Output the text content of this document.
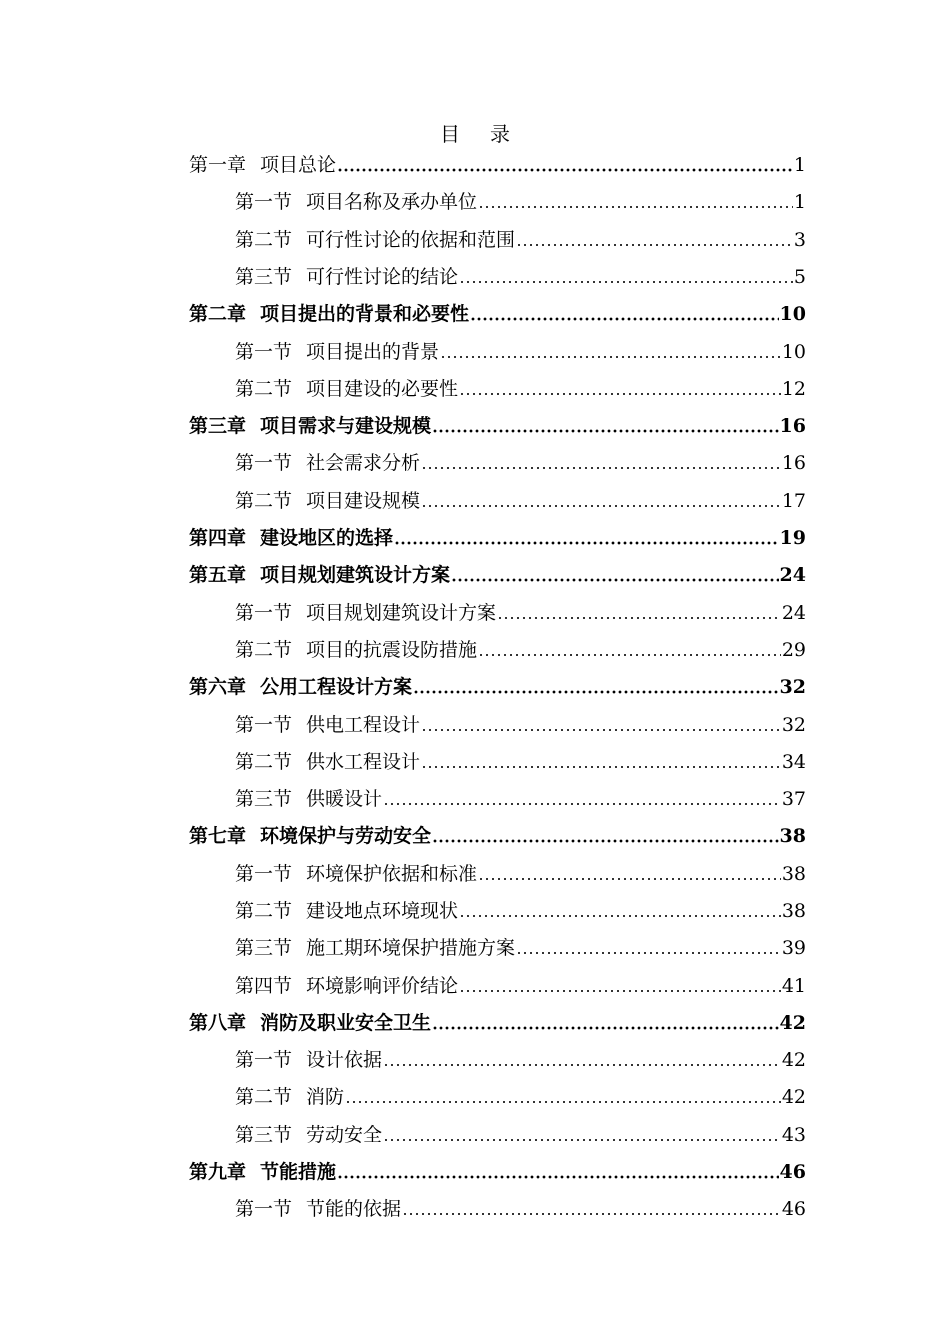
目 录
第一章 项目总论	1
第一节 项目名称及承办单位	1
第二节 可行性讨论的依据和范围	3
第三节 可行性讨论的结论	5
第二章 项目提出的背景和必要性	10
第一节 项目提出的背景	10
第二节 项目建设的必要性	12
第三章 项目需求与建设规模	16
第一节 社会需求分析	16
第二节 项目建设规模	17
第四章 建设地区的选择	19
第五章 项目规划建筑设计方案	24
第一节 项目规划建筑设计方案	24
第二节 项目的抗震设防措施	29
第六章 公用工程设计方案	32
第一节 供电工程设计	32
第二节 供水工程设计	34
第三节 供暖设计	37
第七章 环境保护与劳动安全	38
第一节 环境保护依据和标准	38
第二节 建设地点环境现状	38
第三节 施工期环境保护措施方案	39
第四节 环境影响评价结论	41
第八章 消防及职业安全卫生	42
第一节 设计依据	42
第二节 消防	42
第三节 劳动安全	43
第九章 节能措施	46
第一节 节能的依据	46
